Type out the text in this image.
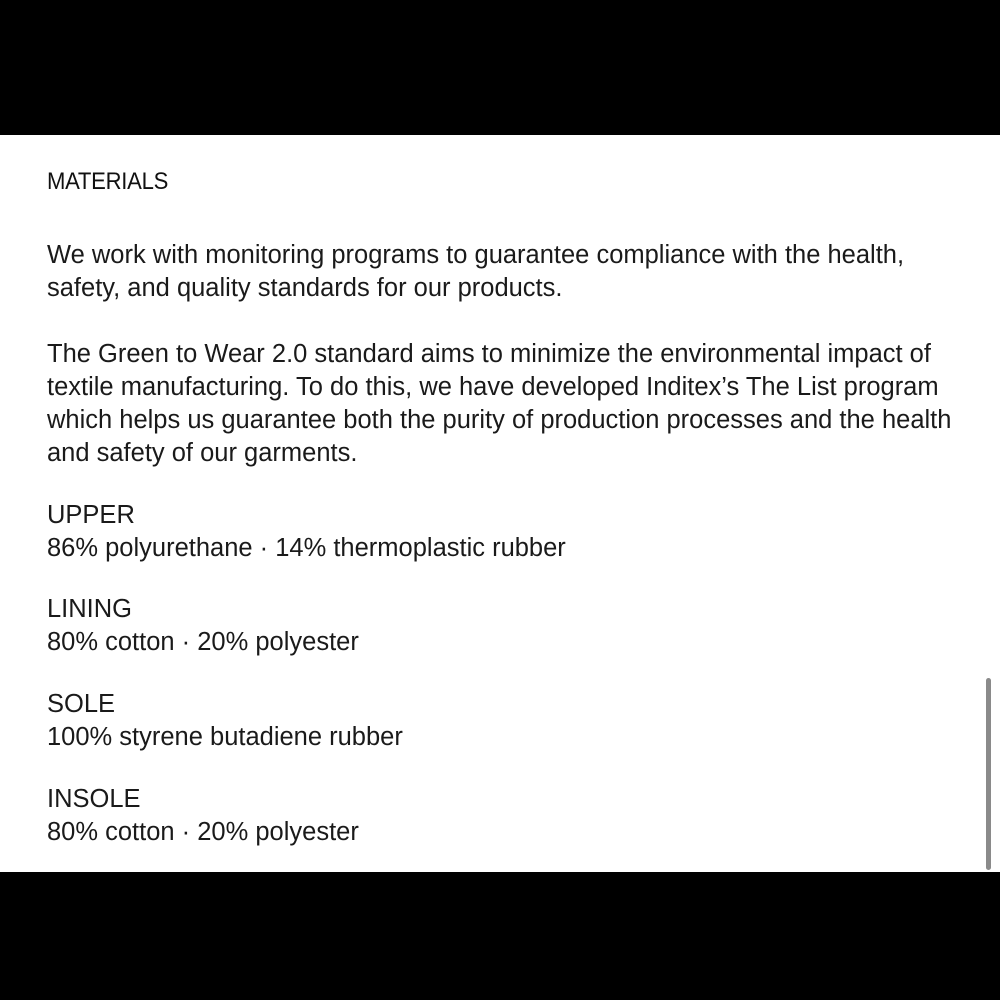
MATERIALS

We work with monitoring programs to guarantee compliance with the health, safety, and quality standards for our products.

The Green to Wear 2.0 standard aims to minimize the environmental impact of textile manufacturing. To do this, we have developed Inditex’s The List program which helps us guarantee both the purity of production processes and the health and safety of our garments.

UPPER
86% polyurethane · 14% thermoplastic rubber
LINING
80% cotton · 20% polyester
SOLE
100% styrene butadiene rubber
INSOLE
80% cotton · 20% polyester
